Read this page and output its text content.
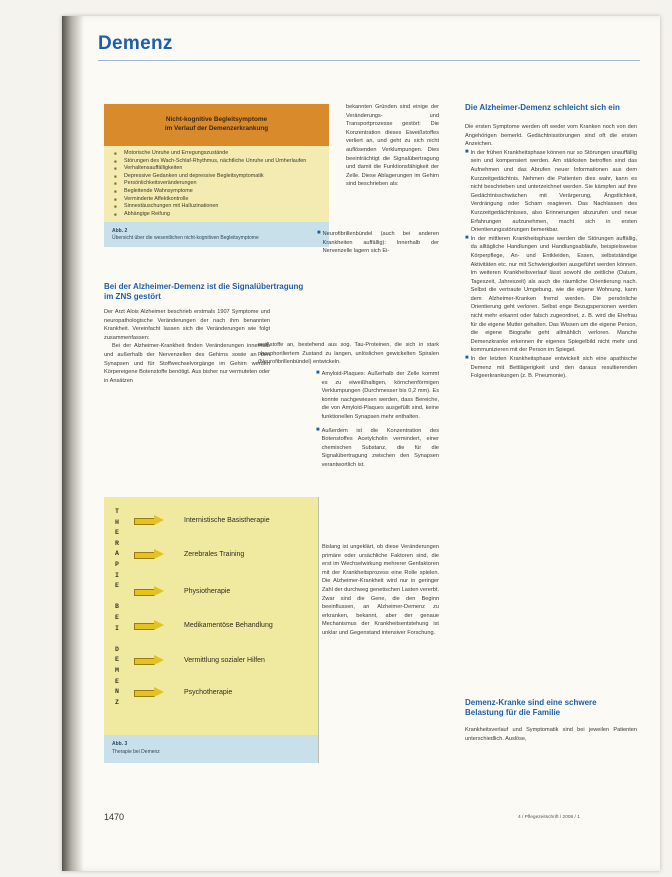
Demenz
Nicht-kognitive Begleitsymptome
im Verlauf der Demenzerkrankung
■ Motorische Unruhe und Erregungszustände
■ Störungen des Wach-Schlaf-Rhythmus, nächtliche Unruhe und Umherlaufen
■ Verhaltensauffälligkeiten
■ Depressive Gedanken und depressive Begleitsymptomatik
■ Persönlichkeitsveränderungen
■ Begleitende Wahnsymptome
■ Verminderte Affektkontrolle
■ Sinnestäuschungen mit Halluzinationen
■ Abhängige Reifung
Abb. 2
Übersicht über die wesentlichen nicht-kognitiven Begleitsymptome

Bei der Alzheimer-Demenz ist die Signalübertragung im ZNS gestört

Der Arzt Alois Alzheimer beschrieb erstmals 1907 Symptome und neuropathologische Veränderungen der nach ihm benannten Krankheit. Vereinfacht lassen sich die Veränderungen wie folgt zusammenfassen:

Bei der Alzheimer-Krankheit finden Veränderungen innerhalb und außerhalb der Nervenzellen des Gehirns sowie an den Synapsen und für Stoffwechselvorgänge im Gehirn werden Körpereigene Botenstoffe benötigt. Aus bisher nur vermuteten oder in Ansätzen

bekannten Gründen sind einige der Veränderungs- und Transportprozesse gestört: Die Konzentration dieses Eiweißstoffes verliert an, und geht zu sich nicht auflösenden Verklumpungen. Dies beeinträchtigt die Signalübertragung und damit die Funktionsfähigkeit der Zelle. Diese Ablagerungen im Gehirn sind beschrieben als:

■ Neurofibrillenbündel (auch bei anderen Krankheiten auffällig): Innerhalb der Nervenzelle lagern sich Ei-

weißstoffe an, bestehend aus sog. Tau-Proteinen, die sich in stark phosphoriliertem Zustand zu langen, unlöslichen gewickelten Spiralen (Neurofibrillenbündel) entwickeln.

■ Amyloid-Plaques: Außerhalb der Zelle kommt es zu eiweißhaltigen, körnchenförmigen Verklumpungen (Durchmesser bis 0,2 mm). Es konnte nachgewiesen werden, dass Bereiche, die von Amyloid-Plaques ausgefüllt sind, keine funktionellen Synapsen mehr enthalten.

■ Außerdem ist die Konzentration des Botenstoffes Acetylcholin vermindert, einer chemischen Substanz, die für die Signalübertragung zwischen den Synapsen verantwortlich ist.

Bislang ist ungeklärt, ob diese Veränderungen primäre oder ursächliche Faktoren sind, die erst im Wechselwirkung mehrerer Genfaktoren mit der Krankheitsprozess eine Rolle spielen. Die Alzheimer-Krankheit wird nur in geringer Zahl der durchweg genetischen Lasten vererbt. Zwar sind die Gene, die den Beginn beeinflussen, an Alzheimer-Demenz zu erkranken, bekannt, aber der genaue Mechanismus der Krankheitsentstehung ist unklar und Gegenstand intensiver Forschung.

T
H
E
R
A
P
I
E
B
E
I
D
E
M
E
N
Z
Internistische Basistherapie
Zerebrales Training
Physiotherapie
Medikamentöse Behandlung
Vermittlung sozialer Hilfen
Psychotherapie
Abb. 3
Therapie bei Demenz

Die Alzheimer-Demenz schleicht sich ein

Die ersten Symptome werden oft weder vom Kranken noch von den Angehörigen bemerkt. Gedächtnisstörungen sind oft die ersten Anzeichen.

■ In der frühen Krankheitsphase können nur so Störungen unauffällig sein und kompensiert werden. Am stärksten betroffen sind das Aufnehmen und das Abrufen neuer Informationen aus dem Kurzzeitgedächtnis. Nehmen die Patienten dies wahr, kann es nicht beschrieben und unterzeichnet werden. Sie kämpfen auf ihre Gedächtnisschwächen mit Verärgerung, Ängstlichkeit, Verdrängung oder Scham reagieren. Das Nachlassen des Kurzzeitgedächtnisses, also Erinnerungen abzurufen und neue Erfahrungen aufzunehmen, macht sich in ersten Orientierungsstörungen bemerkbar.

■ In der mittleren Krankheitsphase werden die Störungen auffällig, da alltägliche Handlungen und Handlungsabläufe, beispielsweise Körperpflege, An- und Entkleiden, Essen, selbstständige Aktivitäten etc. nur mit Schwierigkeiten ausgeführt werden können. Im weiteren Krankheitsverlauf lässt sowohl die zeitliche (Datum, Tageszeit, Jahreszeit) als auch die räumliche Orientierung nach. Selbst die vertraute Umgebung, wie die eigene Wohnung, kann dem Alzheimer-Kranken fremd werden. Die persönliche Orientierung geht verloren. Selbst enge Bezugspersonen werden nicht mehr erkannt oder falsch zugeordnet, z. B. wird die Ehefrau für die eigene Mutter gehalten. Das Wissen um die eigene Person, die eigene Biografie geht allmählich verloren. Manche Demenzkranke erkennen ihr eigenes Spiegelbild nicht mehr und kommunizieren mit der Person im Spiegel.

■ In der letzten Krankheitsphase entwickelt sich eine apathische Demenz mit Bettlägerigkeit und den daraus resultierenden Folgeerkrankungen (z. B. Pneumonie).

Demenz-Kranke sind eine schwere Belastung für die Familie

Krankheitsverlauf und Symptomatik sind bei jeweilen Patienten unterschiedlich. Auslöse,

1470	4 / Pflegezeitschrift / 2008 / 1
